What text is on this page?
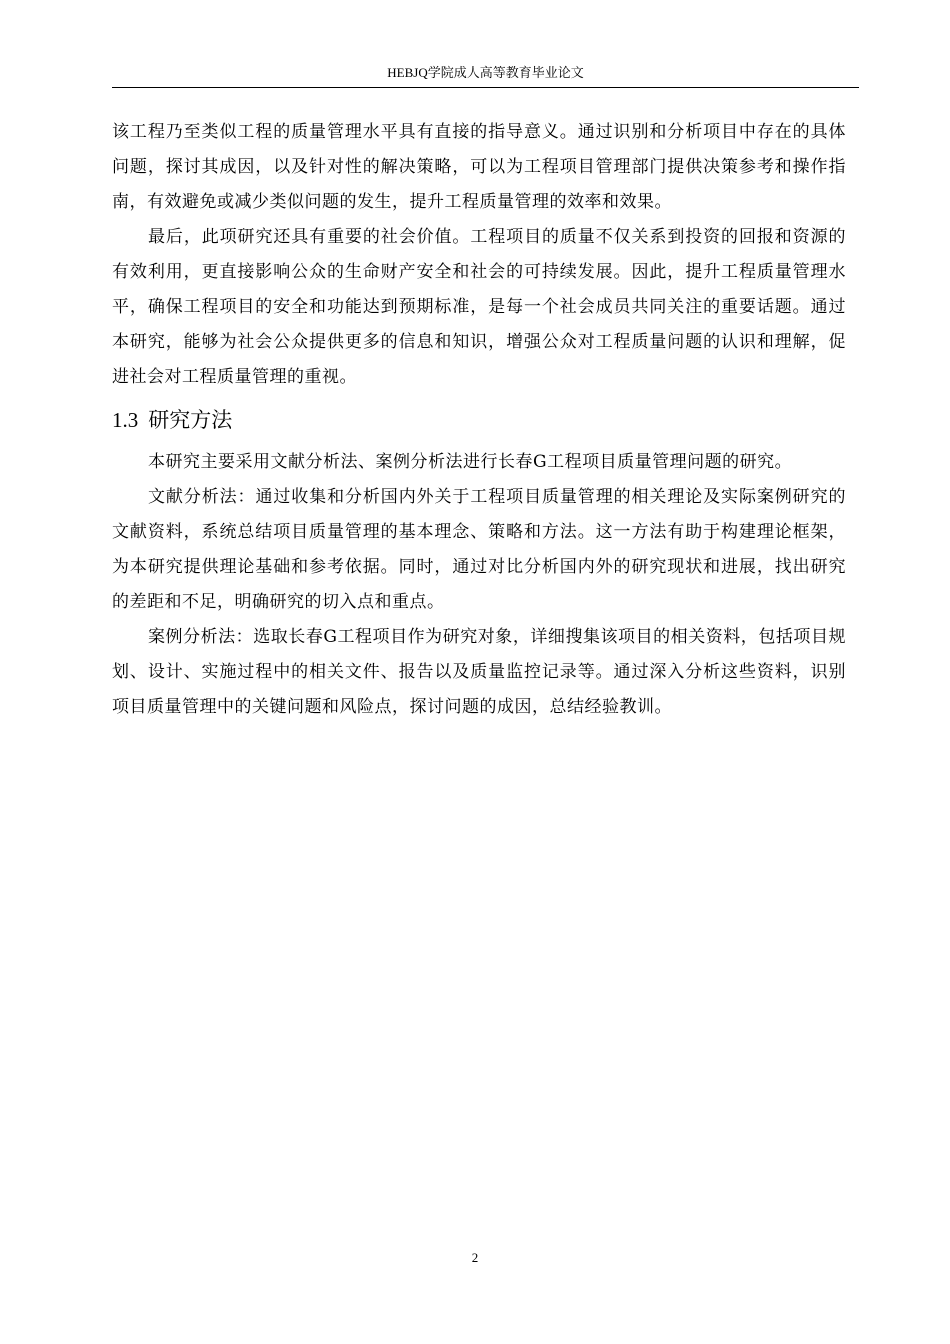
HEBJQ学院成人高等教育毕业论文

该工程乃至类似工程的质量管理水平具有直接的指导意义。通过识别和分析项目中存在的具体问题，探讨其成因，以及针对性的解决策略，可以为工程项目管理部门提供决策参考和操作指南，有效避免或减少类似问题的发生，提升工程质量管理的效率和效果。

最后，此项研究还具有重要的社会价值。工程项目的质量不仅关系到投资的回报和资源的有效利用，更直接影响公众的生命财产安全和社会的可持续发展。因此，提升工程质量管理水平，确保工程项目的安全和功能达到预期标准，是每一个社会成员共同关注的重要话题。通过本研究，能够为社会公众提供更多的信息和知识，增强公众对工程质量问题的认识和理解，促进社会对工程质量管理的重视。

1.3 研究方法

本研究主要采用文献分析法、案例分析法进行长春G工程项目质量管理问题的研究。

文献分析法：通过收集和分析国内外关于工程项目质量管理的相关理论及实际案例研究的文献资料，系统总结项目质量管理的基本理念、策略和方法。这一方法有助于构建理论框架，为本研究提供理论基础和参考依据。同时，通过对比分析国内外的研究现状和进展，找出研究的差距和不足，明确研究的切入点和重点。

案例分析法：选取长春G工程项目作为研究对象，详细搜集该项目的相关资料，包括项目规划、设计、实施过程中的相关文件、报告以及质量监控记录等。通过深入分析这些资料，识别项目质量管理中的关键问题和风险点，探讨问题的成因，总结经验教训。

2
